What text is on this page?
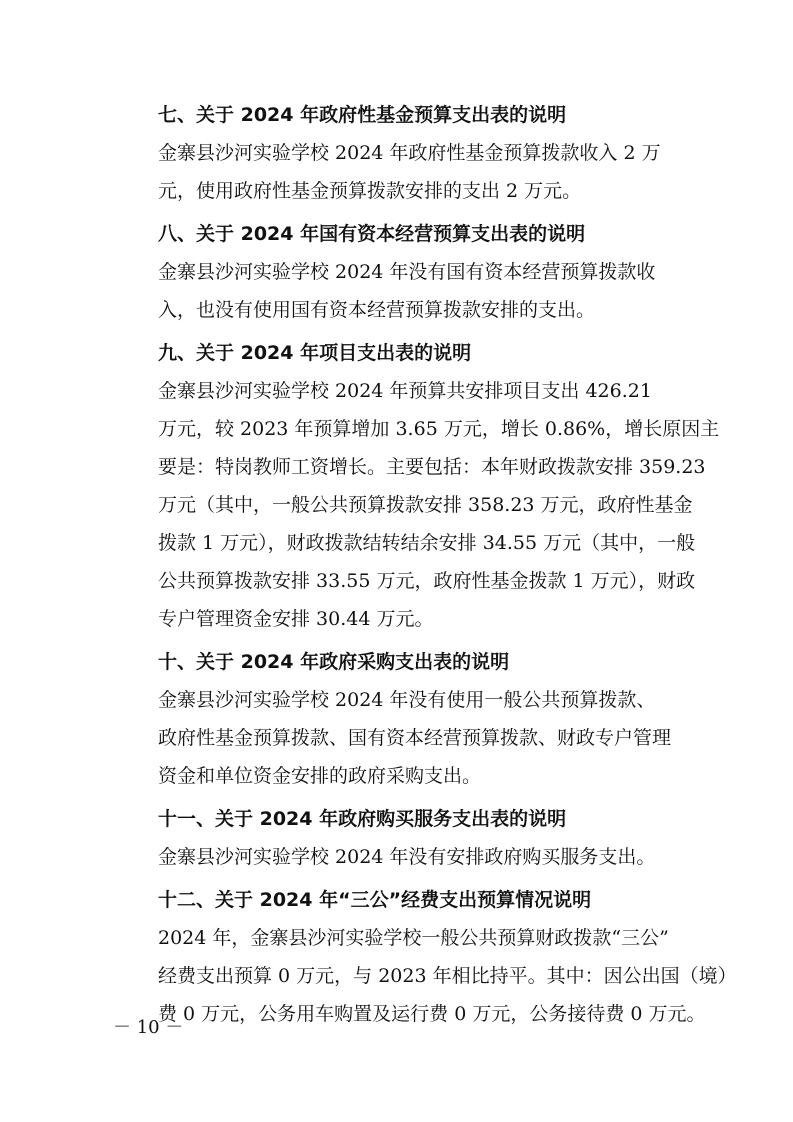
七、关于 2024 年政府性基金预算支出表的说明

金寨县沙河实验学校 2024 年政府性基金预算拨款收入 2 万
元，使用政府性基金预算拨款安排的支出 2 万元。

八、关于 2024 年国有资本经营预算支出表的说明

金寨县沙河实验学校 2024 年没有国有资本经营预算拨款收
入，也没有使用国有资本经营预算拨款安排的支出。

九、关于 2024 年项目支出表的说明

金寨县沙河实验学校 2024 年预算共安排项目支出 426.21
万元，较 2023 年预算增加 3.65 万元，增长 0.86%，增长原因主
要是：特岗教师工资增长。主要包括：本年财政拨款安排 359.23
万元（其中，一般公共预算拨款安排 358.23 万元，政府性基金
拨款 1 万元），财政拨款结转结余安排 34.55 万元（其中，一般
公共预算拨款安排 33.55 万元，政府性基金拨款 1 万元），财政
专户管理资金安排 30.44 万元。

十、关于 2024 年政府采购支出表的说明

金寨县沙河实验学校 2024 年没有使用一般公共预算拨款、
政府性基金预算拨款、国有资本经营预算拨款、财政专户管理
资金和单位资金安排的政府采购支出。

十一、关于 2024 年政府购买服务支出表的说明

金寨县沙河实验学校 2024 年没有安排政府购买服务支出。

十二、关于 2024 年“三公”经费支出预算情况说明

2024 年，金寨县沙河实验学校一般公共预算财政拨款“三公”
经费支出预算 0 万元，与 2023 年相比持平。其中：因公出国（境）
费 0 万元，公务用车购置及运行费 0 万元，公务接待费 0 万元。

－ 10 －
